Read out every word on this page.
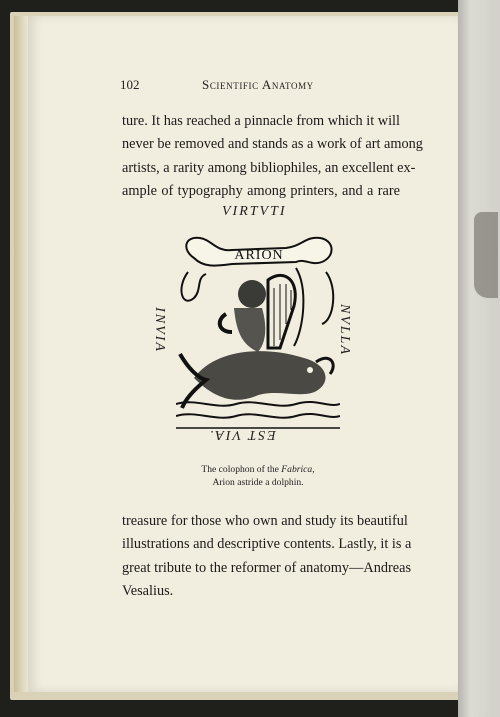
102	Scientific Anatomy
ture. It has reached a pinnacle from which it will
never be removed and stands as a work of art among
artists, a rarity among bibliophiles, an excellent ex-
ample of typography among printers, and a rare
VIRTVTI
INVIA	NVLLA
EST VIA.
ARION
The colophon of the Fabrica,
Arion astride a dolphin.
treasure for those who own and study its beautiful
illustrations and descriptive contents. Lastly, it is a
great tribute to the reformer of anatomy—Andreas
Vesalius.
